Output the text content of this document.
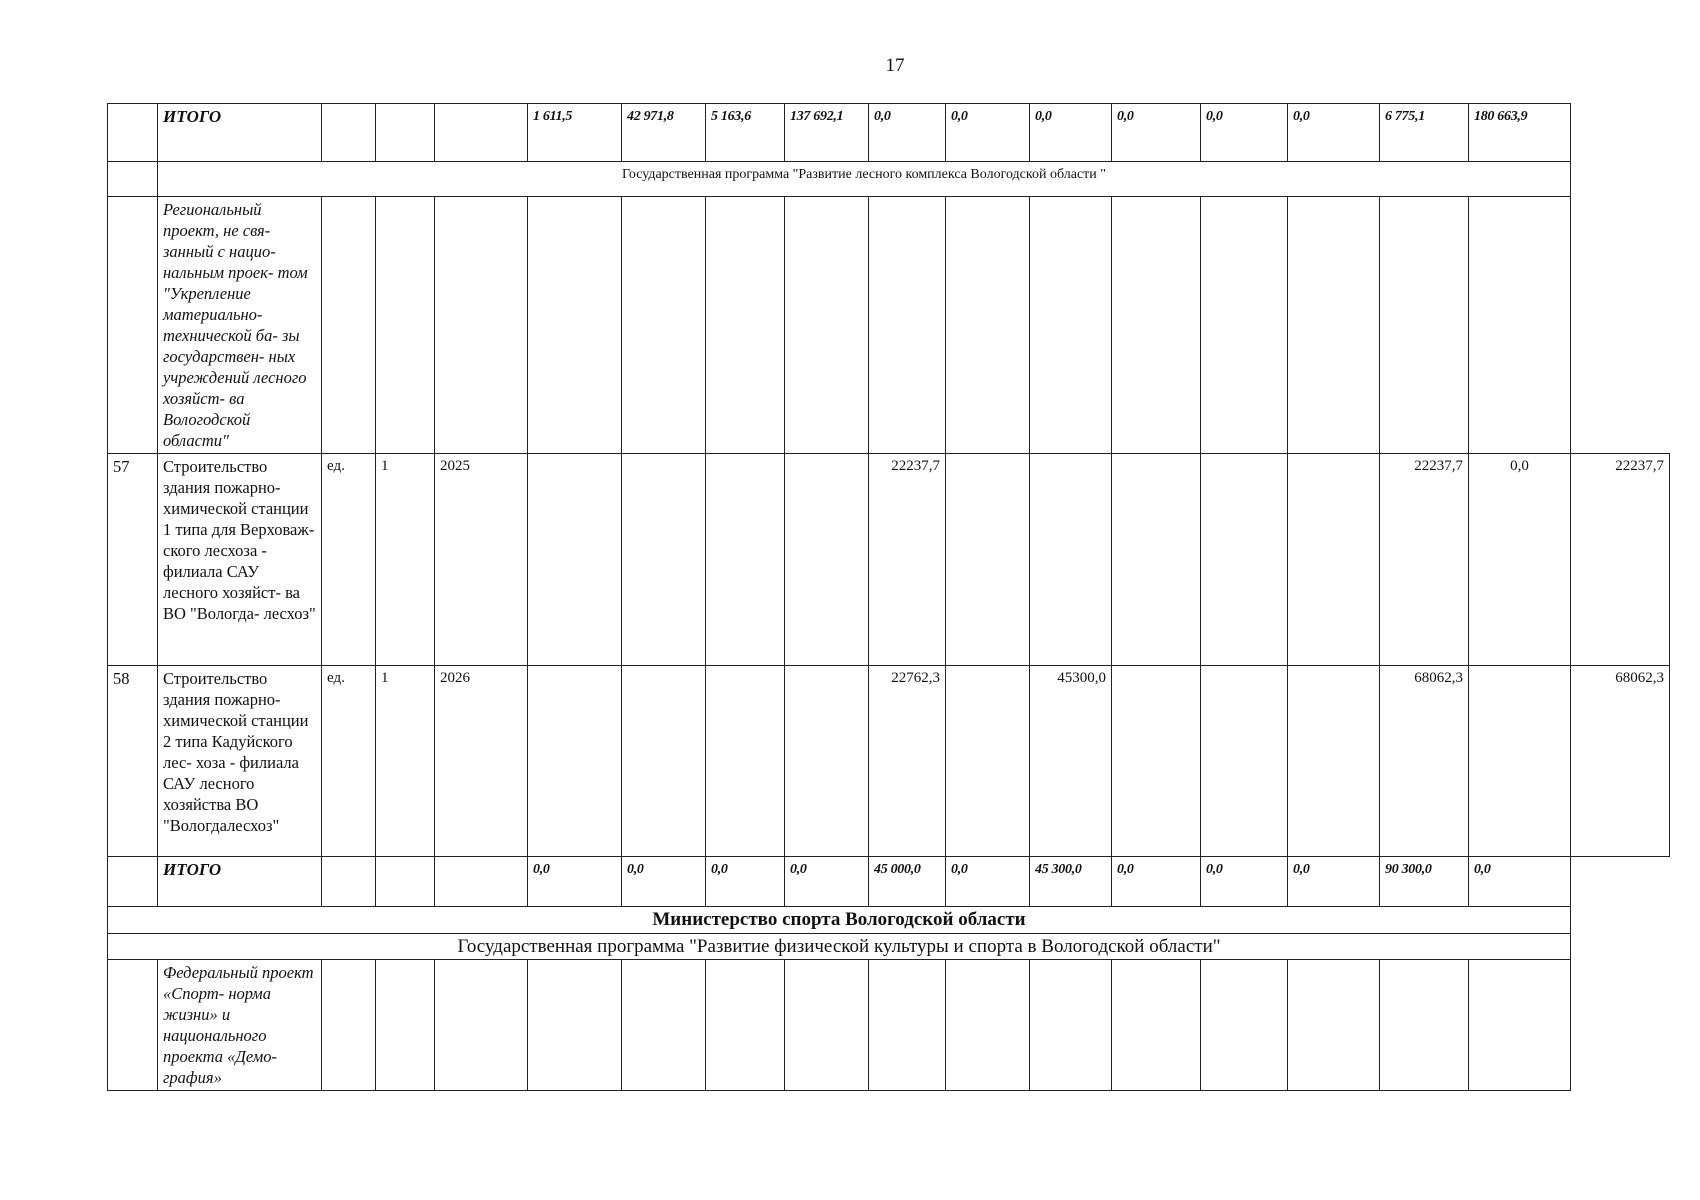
17
	ИТОГО				1 611,5	42 971,8	5 163,6	137 692,1	0,0	0,0	0,0	0,0	0,0	0,0	6 775,1	180 663,9	
	Государственная программа "Развитие лесного комплекса Вологодской области "																
	Региональный проект, не свя- занный с нацио- нальным проек- том "Укрепление материально- технической ба- зы государствен- ных учреждений лесного хозяйст- ва Вологодской области"																
57	Строительство здания пожарно- химической станции 1 типа для Верховаж- ского лесхоза - филиала САУ лесного хозяйст- ва ВО "Вологда- лесхоз"	ед.	1	2025					22237,7						22237,7	0,0	22237,7
58	Строительство здания пожарно- химической станции 2 типа Кадуйского лес- хоза - филиала САУ лесного хозяйства ВО "Вологдалесхоз"	ед.	1	2026					22762,3		45300,0				68062,3		68062,3
	ИТОГО				0,0	0,0	0,0	0,0	45 000,0	0,0	45 300,0	0,0	0,0	0,0	90 300,0	0,0	
Министерство спорта Вологодской области																	
Государственная программа "Развитие физической культуры и спорта в Вологодской области"																	
	Федеральный проект «Спорт- норма жизни» и национального проекта «Демо- графия»																
